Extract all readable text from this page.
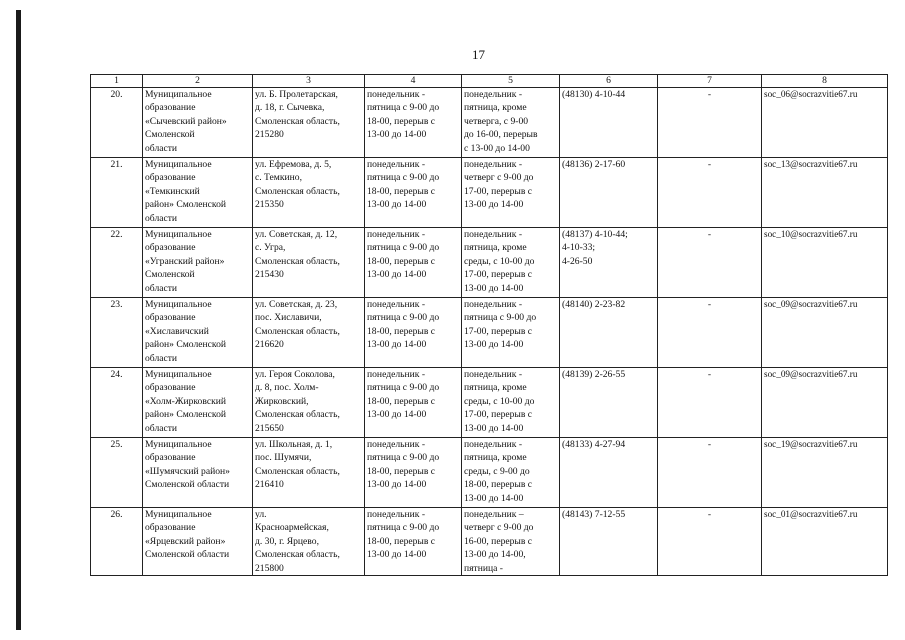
17
1	2	3	4	5	6	7	8
20.	Муниципальное
образование
«Сычевский район»
Смоленской
области	ул. Б. Пролетарская,
д. 18, г. Сычевка,
Смоленская область,
215280	понедельник -
пятница с 9-00 до
18-00, перерыв с
13-00 до 14-00	понедельник -
пятница, кроме
четверга, с 9-00
до 16-00, перерыв
с 13-00 до 14-00	(48130) 4-10-44	-	soc_06@socrazvitie67.ru
21.	Муниципальное
образование
«Темкинский
район» Смоленской
области	ул. Ефремова, д. 5,
с. Темкино,
Смоленская область,
215350	понедельник -
пятница с 9-00 до
18-00, перерыв с
13-00 до 14-00	понедельник -
четверг с 9-00 до
17-00, перерыв с
13-00 до 14-00	(48136) 2-17-60	-	soc_13@socrazvitie67.ru
22.	Муниципальное
образование
«Угранский район»
Смоленской
области	ул. Советская, д. 12,
с. Угра,
Смоленская область,
215430	понедельник -
пятница с 9-00 до
18-00, перерыв с
13-00 до 14-00	понедельник -
пятница, кроме
среды, с 10-00 до
17-00, перерыв с
13-00 до 14-00	(48137) 4-10-44;
4-10-33;
4-26-50	-	soc_10@socrazvitie67.ru
23.	Муниципальное
образование
«Хиславичский
район» Смоленской
области	ул. Советская, д. 23,
пос. Хиславичи,
Смоленская область,
216620	понедельник -
пятница с 9-00 до
18-00, перерыв с
13-00 до 14-00	понедельник -
пятница с 9-00 до
17-00, перерыв с
13-00 до 14-00	(48140) 2-23-82	-	soc_09@socrazvitie67.ru
24.	Муниципальное
образование
«Холм-Жирковский
район» Смоленской
области	ул. Героя Соколова,
д. 8, пос. Холм-
Жирковский,
Смоленская область,
215650	понедельник -
пятница с 9-00 до
18-00, перерыв с
13-00 до 14-00	понедельник -
пятница, кроме
среды, с 10-00 до
17-00, перерыв с
13-00 до 14-00	(48139) 2-26-55	-	soc_09@socrazvitie67.ru
25.	Муниципальное
образование
«Шумячский район»
Смоленской области	ул. Школьная, д. 1,
пос. Шумячи,
Смоленская область,
216410	понедельник -
пятница с 9-00 до
18-00, перерыв с
13-00 до 14-00	понедельник -
пятница, кроме
среды, с 9-00 до
18-00, перерыв с
13-00 до 14-00	(48133) 4-27-94	-	soc_19@socrazvitie67.ru
26.	Муниципальное
образование
«Ярцевский район»
Смоленской области	ул.
Красноармейская,
д. 30, г. Ярцево,
Смоленская область,
215800	понедельник -
пятница с 9-00 до
18-00, перерыв с
13-00 до 14-00	понедельник –
четверг с 9-00 до
16-00, перерыв с
13-00 до 14-00,
пятница -	(48143) 7-12-55	-	soc_01@socrazvitie67.ru
